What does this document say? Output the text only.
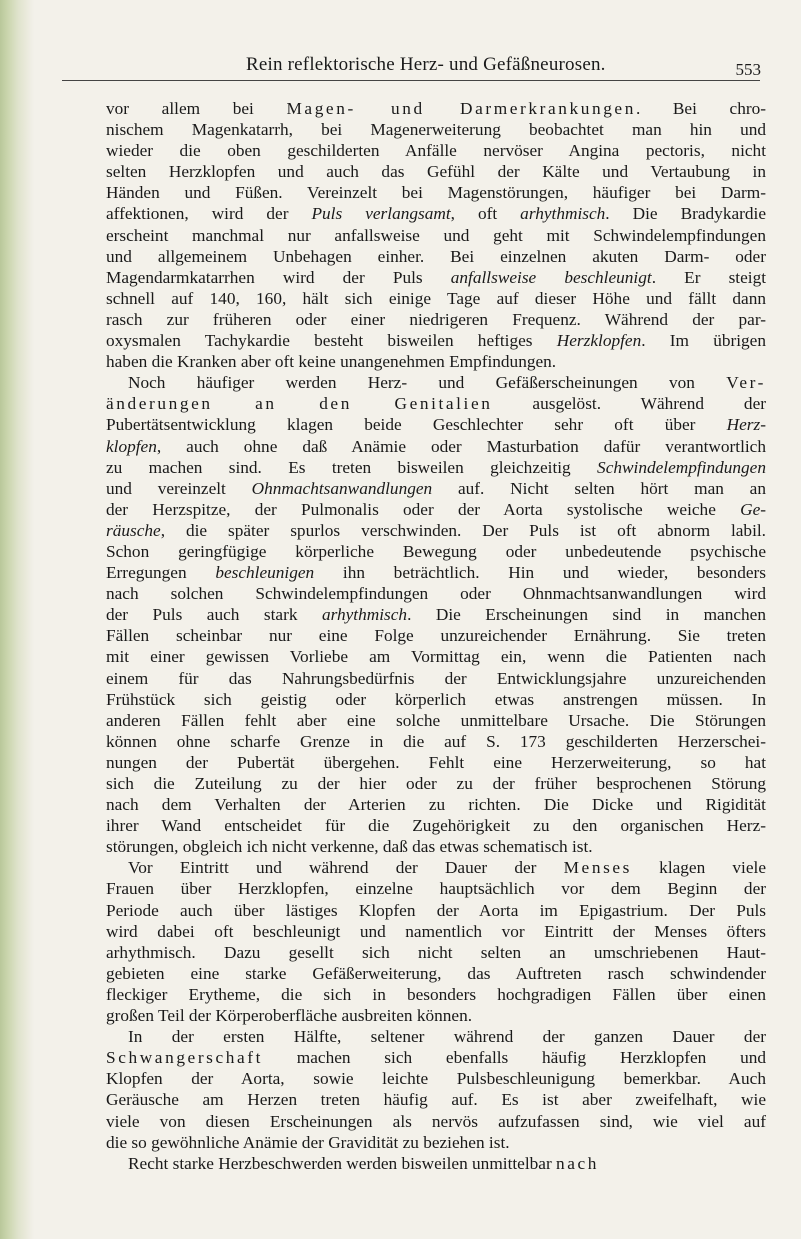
Rein reflektorische Herz- und Gefäßneurosen.	553
vor allem bei Magen- und Darmerkrankungen. Bei chro-
nischem Magenkatarrh, bei Magenerweiterung beobachtet man hin und
wieder die oben geschilderten Anfälle nervöser Angina pectoris, nicht
selten Herzklopfen und auch das Gefühl der Kälte und Vertaubung in
Händen und Füßen. Vereinzelt bei Magenstörungen, häufiger bei Darm-
affektionen, wird der Puls verlangsamt, oft arhythmisch. Die Bradykardie
erscheint manchmal nur anfallsweise und geht mit Schwindelempfindungen
und allgemeinem Unbehagen einher. Bei einzelnen akuten Darm- oder
Magendarmkatarrhen wird der Puls anfallsweise beschleunigt. Er steigt
schnell auf 140, 160, hält sich einige Tage auf dieser Höhe und fällt dann
rasch zur früheren oder einer niedrigeren Frequenz. Während der par-
oxysmalen Tachykardie besteht bisweilen heftiges Herzklopfen. Im übrigen
haben die Kranken aber oft keine unangenehmen Empfindungen.
Noch häufiger werden Herz- und Gefäßerscheinungen von Ver-
änderungen an den Genitalien ausgelöst. Während der
Pubertätsentwicklung klagen beide Geschlechter sehr oft über Herz-
klopfen, auch ohne daß Anämie oder Masturbation dafür verantwortlich
zu machen sind. Es treten bisweilen gleichzeitig Schwindelempfindungen
und vereinzelt Ohnmachtsanwandlungen auf. Nicht selten hört man an
der Herzspitze, der Pulmonalis oder der Aorta systolische weiche Ge-
räusche, die später spurlos verschwinden. Der Puls ist oft abnorm labil.
Schon geringfügige körperliche Bewegung oder unbedeutende psychische
Erregungen beschleunigen ihn beträchtlich. Hin und wieder, besonders
nach solchen Schwindelempfindungen oder Ohnmachtsanwandlungen wird
der Puls auch stark arhythmisch. Die Erscheinungen sind in manchen
Fällen scheinbar nur eine Folge unzureichender Ernährung. Sie treten
mit einer gewissen Vorliebe am Vormittag ein, wenn die Patienten nach
einem für das Nahrungsbedürfnis der Entwicklungsjahre unzureichenden
Frühstück sich geistig oder körperlich etwas anstrengen müssen. In
anderen Fällen fehlt aber eine solche unmittelbare Ursache. Die Störungen
können ohne scharfe Grenze in die auf S. 173 geschilderten Herzerschei-
nungen der Pubertät übergehen. Fehlt eine Herzerweiterung, so hat
sich die Zuteilung zu der hier oder zu der früher besprochenen Störung
nach dem Verhalten der Arterien zu richten. Die Dicke und Rigidität
ihrer Wand entscheidet für die Zugehörigkeit zu den organischen Herz-
störungen, obgleich ich nicht verkenne, daß das etwas schematisch ist.
Vor Eintritt und während der Dauer der Menses klagen viele
Frauen über Herzklopfen, einzelne hauptsächlich vor dem Beginn der
Periode auch über lästiges Klopfen der Aorta im Epigastrium. Der Puls
wird dabei oft beschleunigt und namentlich vor Eintritt der Menses öfters
arhythmisch. Dazu gesellt sich nicht selten an umschriebenen Haut-
gebieten eine starke Gefäßerweiterung, das Auftreten rasch schwindender
fleckiger Erytheme, die sich in besonders hochgradigen Fällen über einen
großen Teil der Körperoberfläche ausbreiten können.
In der ersten Hälfte, seltener während der ganzen Dauer der
Schwangerschaft machen sich ebenfalls häufig Herzklopfen und
Klopfen der Aorta, sowie leichte Pulsbeschleunigung bemerkbar. Auch
Geräusche am Herzen treten häufig auf. Es ist aber zweifelhaft, wie
viele von diesen Erscheinungen als nervös aufzufassen sind, wie viel auf
die so gewöhnliche Anämie der Gravidität zu beziehen ist.
Recht starke Herzbeschwerden werden bisweilen unmittelbar nach
